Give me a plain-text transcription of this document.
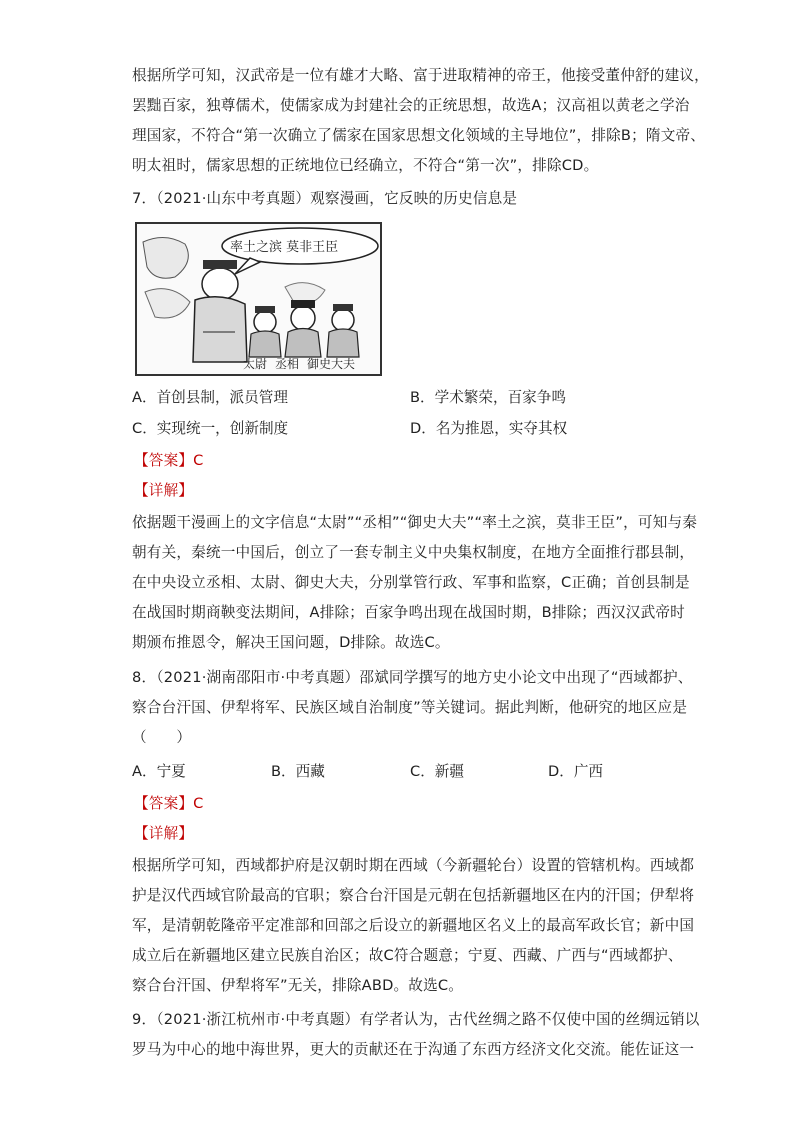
根据所学可知，汉武帝是一位有雄才大略、富于进取精神的帝王，他接受董仲舒的建议，
罢黜百家，独尊儒术，使儒家成为封建社会的正统思想，故选A；汉高祖以黄老之学治
理国家，不符合“第一次确立了儒家在国家思想文化领域的主导地位”，排除B；隋文帝、
明太祖时，儒家思想的正统地位已经确立，不符合“第一次”，排除CD。
7．（2021·山东中考真题）观察漫画，它反映的历史信息是
率土之滨 莫非王臣
太尉 丞相 御史大夫
A．首创县制，派员管理	B．学术繁荣，百家争鸣
C．实现统一，创新制度	D．名为推恩，实夺其权
【答案】C
【详解】
依据题干漫画上的文字信息“太尉”“丞相”“御史大夫”“率土之滨，莫非王臣”，可知与秦
朝有关，秦统一中国后，创立了一套专制主义中央集权制度，在地方全面推行郡县制，
在中央设立丞相、太尉、御史大夫，分别掌管行政、军事和监察，C正确；首创县制是
在战国时期商鞅变法期间，A排除；百家争鸣出现在战国时期，B排除；西汉汉武帝时
期颁布推恩令，解决王国问题，D排除。故选C。
8．（2021·湖南邵阳市·中考真题）邵斌同学撰写的地方史小论文中出现了“西域都护、
察合台汗国、伊犁将军、民族区域自治制度”等关键词。据此判断，他研究的地区应是
（　　）
A．宁夏	B．西藏	C．新疆	D．广西
【答案】C
【详解】
根据所学可知，西域都护府是汉朝时期在西域（今新疆轮台）设置的管辖机构。西域都
护是汉代西域官阶最高的官职；察合台汗国是元朝在包括新疆地区在内的汗国；伊犁将
军，是清朝乾隆帝平定准部和回部之后设立的新疆地区名义上的最高军政长官；新中国
成立后在新疆地区建立民族自治区；故C符合题意；宁夏、西藏、广西与“西域都护、
察合台汗国、伊犁将军”无关，排除ABD。故选C。
9．（2021·浙江杭州市·中考真题）有学者认为，古代丝绸之路不仅使中国的丝绸远销以
罗马为中心的地中海世界，更大的贡献还在于沟通了东西方经济文化交流。能佐证这一
